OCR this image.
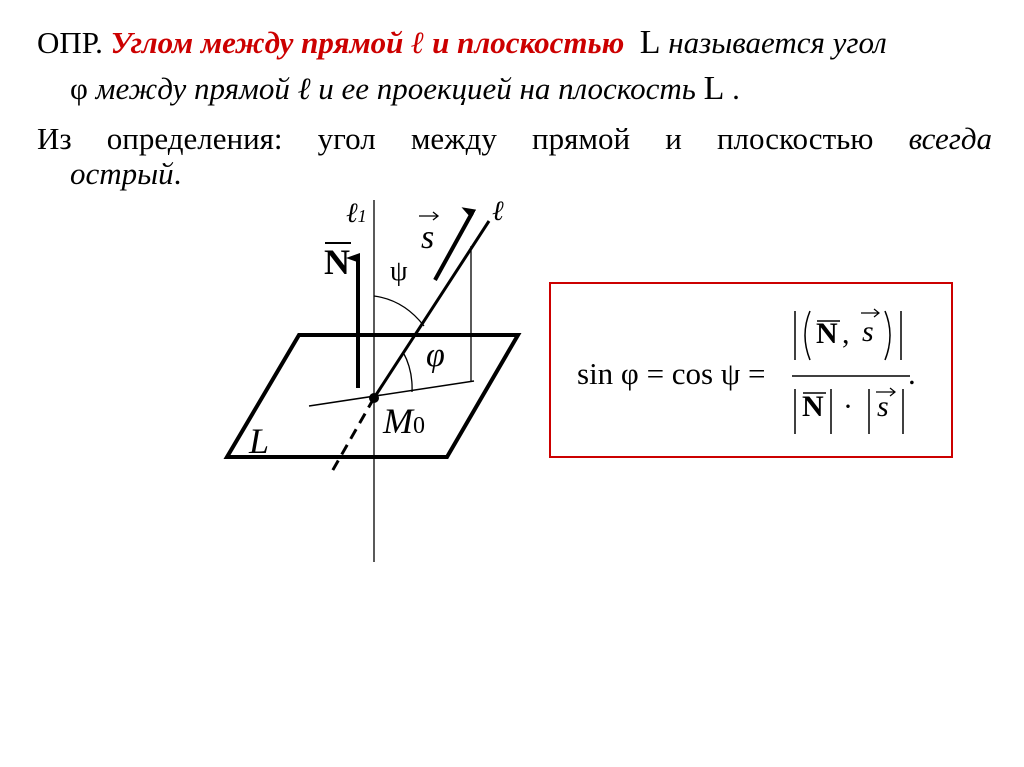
ОПР. Углом между прямой ℓ и плоскостью L называется угол
φ между прямой ℓ и ее проекцией на плоскость L .
Из определения: угол между прямой и плоскостью всегда
острый.
ℓ1	ℓ
s
N ψ
φ
M0
L
sin φ = cos ψ =
N , s
N · s
.
